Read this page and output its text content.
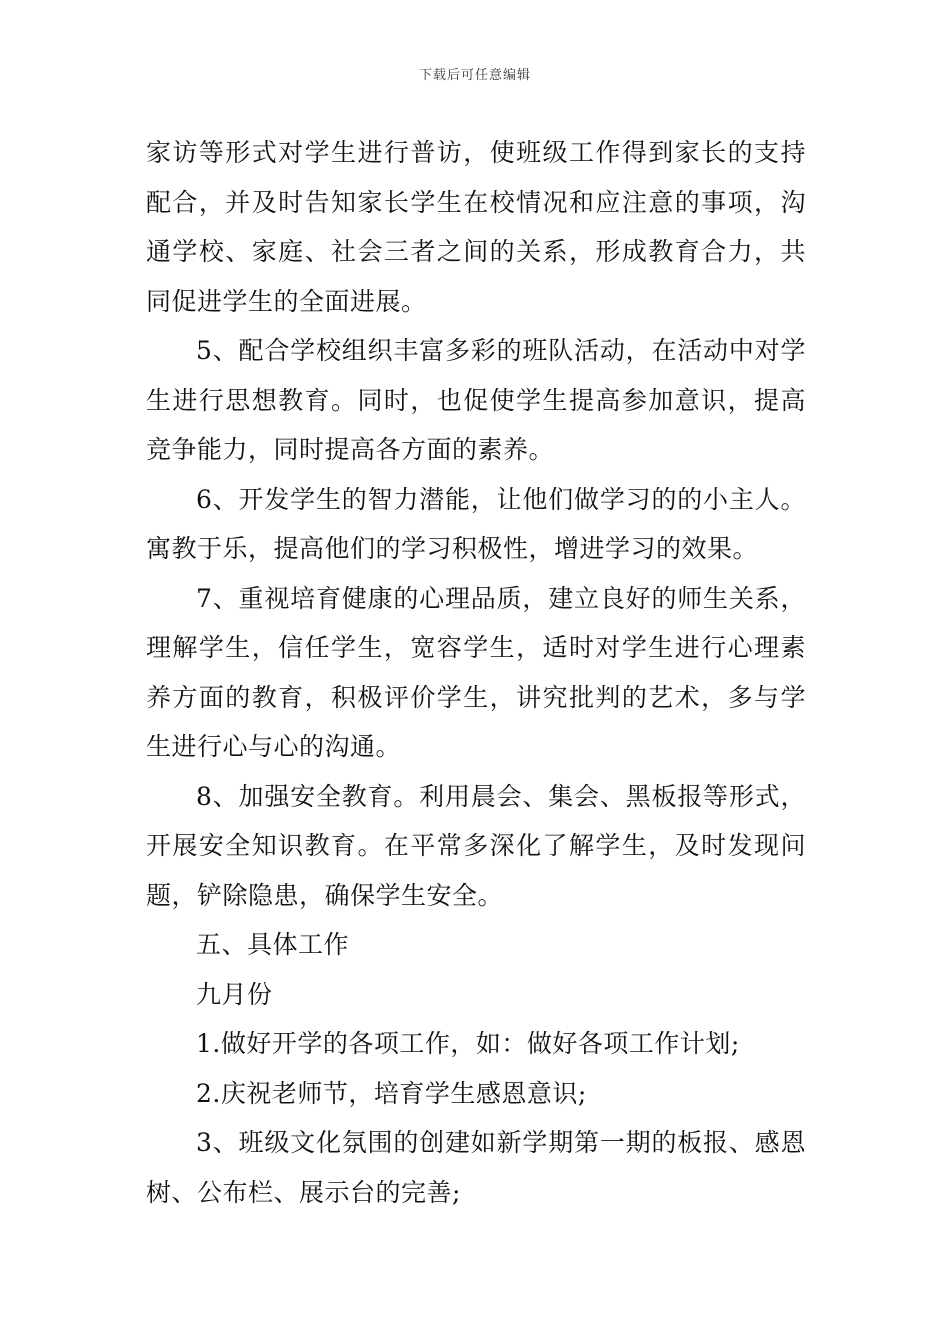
下载后可任意编辑

家访等形式对学生进行普访，使班级工作得到家长的支持配合，并及时告知家长学生在校情况和应注意的事项，沟通学校、家庭、社会三者之间的关系，形成教育合力，共同促进学生的全面进展。

5、配合学校组织丰富多彩的班队活动，在活动中对学生进行思想教育。同时，也促使学生提高参加意识，提高竞争能力，同时提高各方面的素养。

6、开发学生的智力潜能，让他们做学习的的小主人。寓教于乐，提高他们的学习积极性，增进学习的效果。

7、重视培育健康的心理品质，建立良好的师生关系，理解学生，信任学生，宽容学生，适时对学生进行心理素养方面的教育，积极评价学生，讲究批判的艺术，多与学生进行心与心的沟通。

8、加强安全教育。利用晨会、集会、黑板报等形式，开展安全知识教育。在平常多深化了解学生，及时发现问题，铲除隐患，确保学生安全。

五、具体工作

九月份

1.做好开学的各项工作，如：做好各项工作计划;

2.庆祝老师节，培育学生感恩意识;

3、班级文化氛围的创建如新学期第一期的板报、感恩树、公布栏、展示台的完善;
